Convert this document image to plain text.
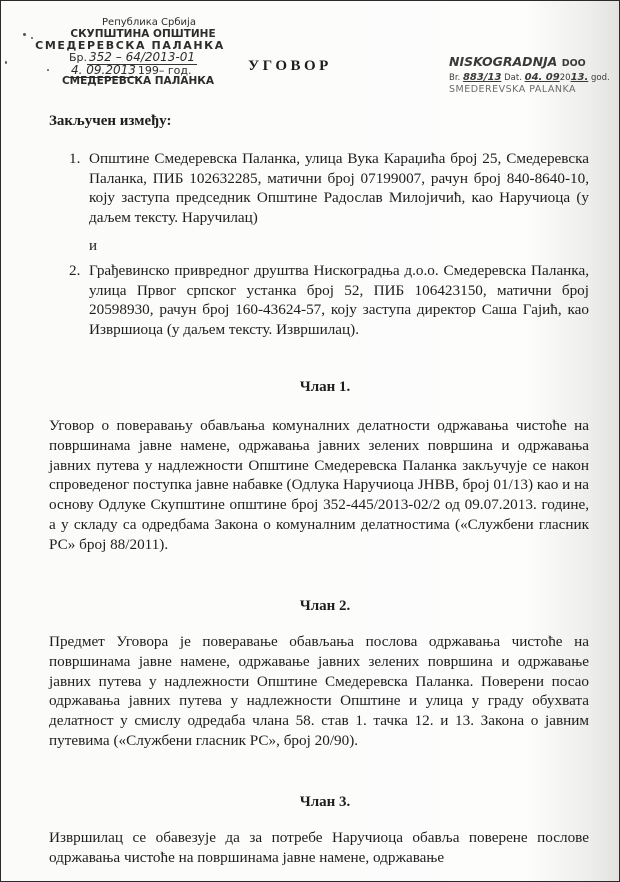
Република Србија
СКУПШТИНА ОПШТИНЕ
СМЕДЕРЕВСКА ПАЛАНКА
Бр. 352 – 64/2013-01
4. 09.2013 199– год.
СМЕДЕРЕВСКА ПАЛАНКА
УГОВОР	NISKOGRADNJA DOO
Br. 883/13 Dat. 04. 092013. god.
SMEDEREVSKA PALANKA
Закључен између:
1. Општине Смедеревска Паланка, улица Вука Караџића број 25, Смедеревска Паланка, ПИБ 102632285, матични број 07199007, рачун број 840-8640-10, коју заступа председник Општине Радослав Милојичић, као Наручиоца (у даљем тексту. Наручилац)
и
2. Грађевинско привредног друштва Нискоградња д.о.о. Смедеревска Паланка, улица Првог српског устанка број 52, ПИБ 106423150, матични број 20598930, рачун број 160-43624-57, коју заступа директор Саша Гајић, као Извршиоца (у даљем тексту. Извршилац).
Члан 1.
Уговор о поверавању обављања комуналних делатности одржавања чистоће на површинама јавне намене, одржавања јавних зелених површина и одржавања јавних путева у надлежности Општине Смедеревска Паланка закључује се након спроведеног поступка јавне набавке (Одлука Наручиоца ЈНВВ, број 01/13) као и на основу Одлуке Скупштине општине број 352-445/2013-02/2 од 09.07.2013. године, а у складу са одредбама Закона о комуналним делатностима («Службени гласник РС» број 88/2011).
Члан 2.
Предмет Уговора је поверавање обављања послова одржавања чистоће на површинама јавне намене, одржавање јавних зелених површина и одржавање јавних путева у надлежности Општине Смедеревска Паланка. Поверени посао одржавања јавних путева у надлежности Општине и улица у граду обухвата делатност у смислу одредаба члана 58. став 1. тачка 12. и 13. Закона о јавним путевима («Службени гласник РС», број 20/90).
Члан 3.
Извршилац се обавезује да за потребе Наручиоца обавља поверене послове одржавања чистоће на површинама јавне намене, одржавање
